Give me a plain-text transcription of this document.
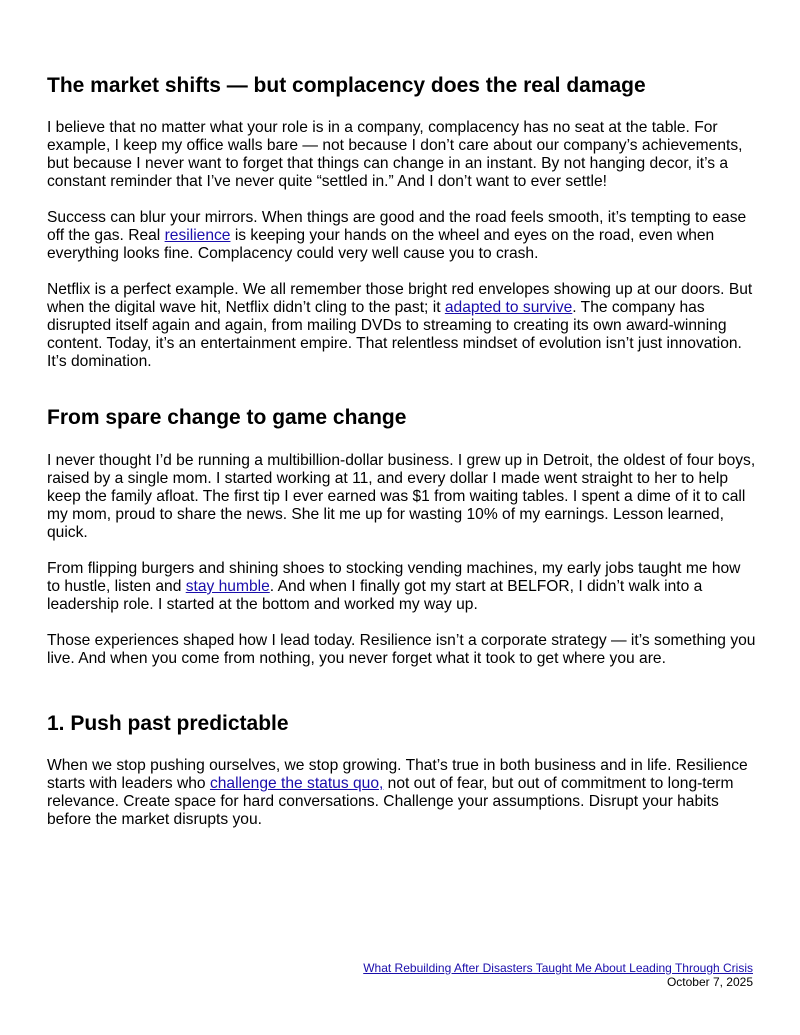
The market shifts — but complacency does the real damage

I believe that no matter what your role is in a company, complacency has no seat at the table. For example, I keep my office walls bare — not because I don’t care about our company’s achievements, but because I never want to forget that things can change in an instant. By not hanging decor, it’s a constant reminder that I’ve never quite “settled in.” And I don’t want to ever settle!

Success can blur your mirrors. When things are good and the road feels smooth, it’s tempting to ease off the gas. Real resilience is keeping your hands on the wheel and eyes on the road, even when everything looks fine. Complacency could very well cause you to crash.

Netflix is a perfect example. We all remember those bright red envelopes showing up at our doors. But when the digital wave hit, Netflix didn’t cling to the past; it adapted to survive. The company has disrupted itself again and again, from mailing DVDs to streaming to creating its own award-winning content. Today, it’s an entertainment empire. That relentless mindset of evolution isn’t just innovation. It’s domination.

From spare change to game change

I never thought I’d be running a multibillion-dollar business. I grew up in Detroit, the oldest of four boys, raised by a single mom. I started working at 11, and every dollar I made went straight to her to help keep the family afloat. The first tip I ever earned was $1 from waiting tables. I spent a dime of it to call my mom, proud to share the news. She lit me up for wasting 10% of my earnings. Lesson learned, quick.

From flipping burgers and shining shoes to stocking vending machines, my early jobs taught me how to hustle, listen and stay humble. And when I finally got my start at BELFOR, I didn’t walk into a leadership role. I started at the bottom and worked my way up.

Those experiences shaped how I lead today. Resilience isn’t a corporate strategy — it’s something you live. And when you come from nothing, you never forget what it took to get where you are.

1. Push past predictable

When we stop pushing ourselves, we stop growing. That’s true in both business and in life. Resilience starts with leaders who challenge the status quo, not out of fear, but out of commitment to long-term relevance. Create space for hard conversations. Challenge your assumptions. Disrupt your habits before the market disrupts you.

What Rebuilding After Disasters Taught Me About Leading Through Crisis
October 7, 2025
